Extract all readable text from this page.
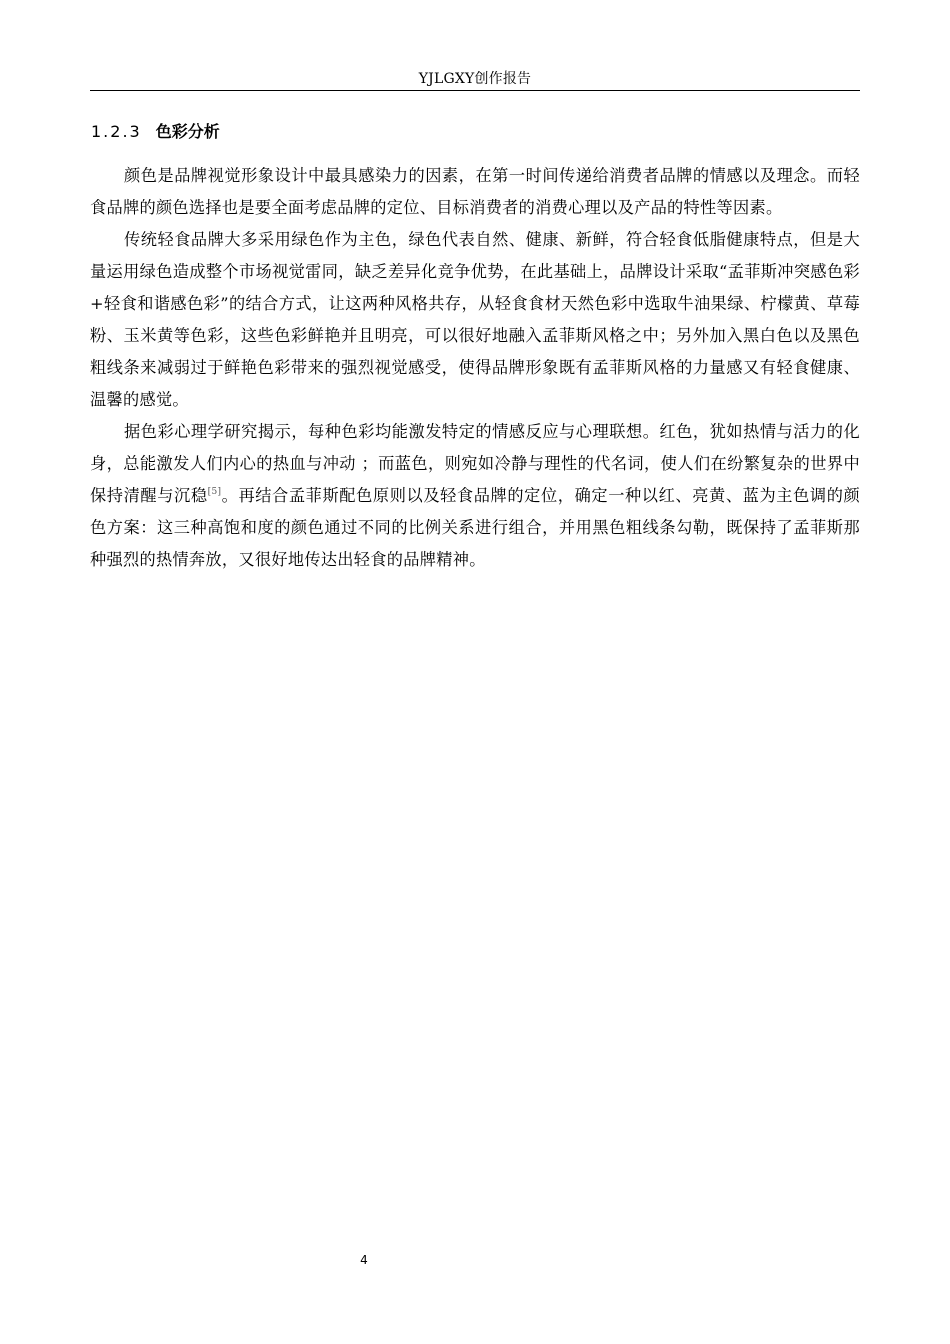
YJLGXY创作报告
1.2.3 色彩分析

颜色是品牌视觉形象设计中最具感染力的因素，在第一时间传递给消费者品牌的情感以及理念。而轻食品牌的颜色选择也是要全面考虑品牌的定位、目标消费者的消费心理以及产品的特性等因素。

传统轻食品牌大多采用绿色作为主色，绿色代表自然、健康、新鲜，符合轻食低脂健康特点，但是大量运用绿色造成整个市场视觉雷同，缺乏差异化竞争优势，在此基础上，品牌设计采取“孟菲斯冲突感色彩+轻食和谐感色彩”的结合方式，让这两种风格共存，从轻食食材天然色彩中选取牛油果绿、柠檬黄、草莓粉、玉米黄等色彩，这些色彩鲜艳并且明亮，可以很好地融入孟菲斯风格之中；另外加入黑白色以及黑色粗线条来减弱过于鲜艳色彩带来的强烈视觉感受，使得品牌形象既有孟菲斯风格的力量感又有轻食健康、温馨的感觉。

据色彩心理学研究揭示，每种色彩均能激发特定的情感反应与心理联想。红色，犹如热情与活力的化身，总能激发人们内心的热血与冲动 ；而蓝色，则宛如冷静与理性的代名词，使人们在纷繁复杂的世界中保持清醒与沉稳[5]。再结合孟菲斯配色原则以及轻食品牌的定位，确定一种以红、亮黄、蓝为主色调的颜色方案：这三种高饱和度的颜色通过不同的比例关系进行组合，并用黑色粗线条勾勒，既保持了孟菲斯那种强烈的热情奔放，又很好地传达出轻食的品牌精神。

4
